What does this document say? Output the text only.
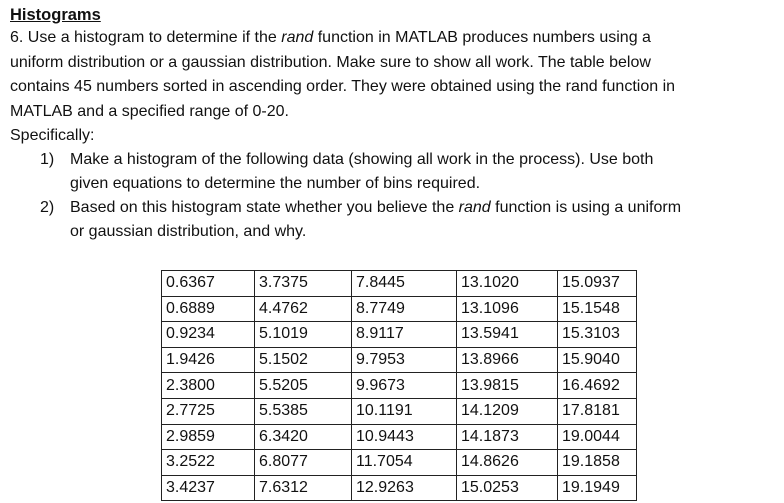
Histograms

6. Use a histogram to determine if the rand function in MATLAB produces numbers using a
uniform distribution or a gaussian distribution. Make sure to show all work. The table below
contains 45 numbers sorted in ascending order. They were obtained using the rand function in
MATLAB and a specified range of 0-20.

Specifically:

1) Make a histogram of the following data (showing all work in the process). Use both
given equations to determine the number of bins required.
2) Based on this histogram state whether you believe the rand function is using a uniform
or gaussian distribution, and why.
0.6367	3.7375	7.8445	13.1020	15.0937
0.6889	4.4762	8.7749	13.1096	15.1548
0.9234	5.1019	8.9117	13.5941	15.3103
1.9426	5.1502	9.7953	13.8966	15.9040
2.3800	5.5205	9.9673	13.9815	16.4692
2.7725	5.5385	10.1191	14.1209	17.8181
2.9859	6.3420	10.9443	14.1873	19.0044
3.2522	6.8077	11.7054	14.8626	19.1858
3.4237	7.6312	12.9263	15.0253	19.1949
